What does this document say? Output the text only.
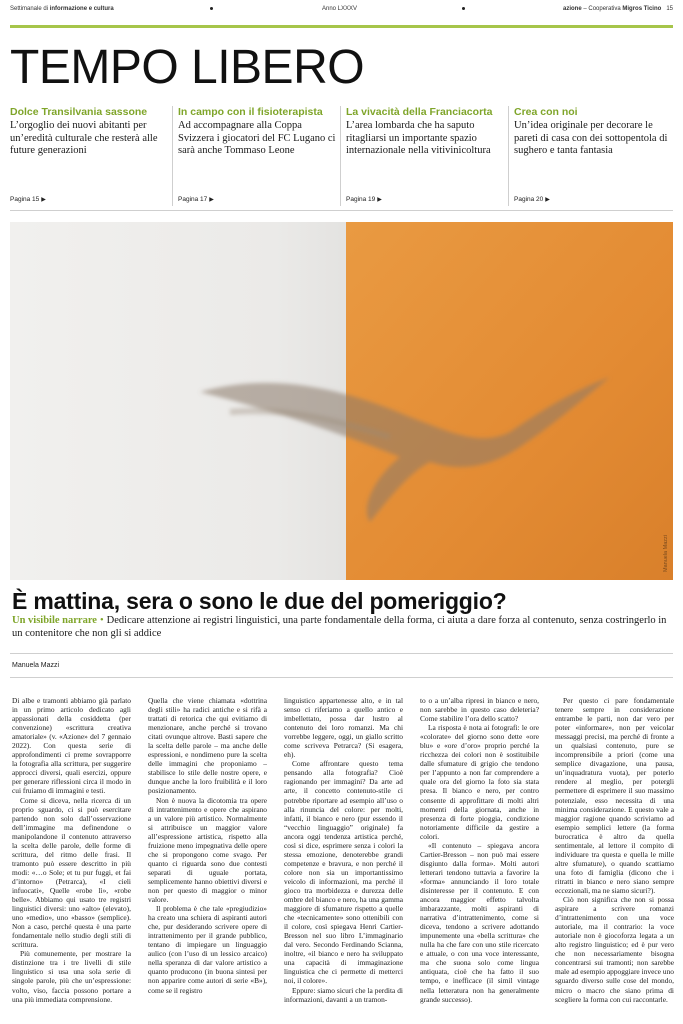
Settimanale di informazione e cultura	Anno LXXXV	azione – Cooperativa Migros Ticino 15
TEMPO LIBERO
Dolce Transilvania sassone
L’orgoglio dei nuovi abitanti per un’eredità culturale che resterà alle future generazioni
Pagina 15 ▶
In campo con il fisioterapista
Ad accompagnare alla Coppa Svizzera i giocatori del FC Lugano ci sarà anche Tommaso Leone
Pagina 17 ▶
La vivacità della Franciacorta
L’area lombarda che ha saputo ritagliarsi un importante spazio internazionale nella vitivinicoltura
Pagina 19 ▶
Crea con noi
Un’idea originale per decorare le pareti di casa con dei sottopentola di sughero e tanta fantasia
Pagina 20 ▶
Manuela Mazzi
È mattina, sera o sono le due del pomeriggio?
Un visibile narrare • Dedicare attenzione ai registri linguistici, una parte fondamentale della forma, ci aiuta a dare forza al contenuto, senza costringerlo in un contenitore che non gli si addice
Manuela Mazzi

Di albe e tramonti abbiamo già parlato in un primo articolo dedicato agli appassionati della cosiddetta (per convenzione) «scrittura creativa amatoriale» (v. «Azione» del 7 gennaio 2022). Con questa serie di approfondimenti ci preme sovrapporre la fotografia alla scrittura, per suggerire approcci diversi, quali esercizi, oppure per generare riflessioni circa il modo in cui fruiamo di immagini e testi.

Come si diceva, nella ricerca di un proprio sguardo, ci si può esercitare partendo non solo dall’osservazione dell’immagine ma definendone o manipolandone il contenuto attraverso la scelta delle parole, delle forme di scrittura, del ritmo delle frasi. Il tramonto può essere descritto in più modi: «…o Sole; et tu pur fuggi, et fai d’intorno» (Petrarca), «I cieli infuocati», Quelle «robe lì», «robe belle». Abbiamo qui usato tre registri linguistici diversi: uno «alto» (elevato), uno «medio», uno «basso» (semplice). Non a caso, perché questa è una parte fondamentale nello studio degli stili di scrittura.

Più comunemente, per mostrare la distinzione tra i tre livelli di stile linguistico si usa una sola serie di singole parole, più che un’espressione: volto, viso, faccia possono portare a una più immediata comprensione.

Quella che viene chiamata «dottrina degli stili» ha radici antiche e si rifà a trattati di retorica che qui evitiamo di menzionare, anche perché si trovano citati ovunque altrove. Basti sapere che la scelta delle parole – ma anche delle espressioni, e nondimeno pure la scelta delle immagini che proponiamo – stabilisce lo stile delle nostre opere, e dunque anche la loro fruibilità e il loro posizionamento.

Non è nuova la dicotomia tra opere di intrattenimento e opere che aspirano a un valore più artistico. Normalmente si attribuisce un maggior valore all’espressione artistica, rispetto alla fruizione meno impegnativa delle opere che si propongono come svago. Per quanto ci riguarda sono due contesti separati di uguale portata, semplicemente hanno obiettivi diversi e non per questo di maggior o minor valore.

Il problema è che tale «pregiudizio» ha creato una schiera di aspiranti autori che, pur desiderando scrivere opere di intrattenimento per il grande pubblico, tentano di impiegare un linguaggio aulico (con l’uso di un lessico arcaico) nella speranza di dar valore artistico a quanto producono (in buona sintesi per non apparire come autori di serie «B»), come se il registro

linguistico appartenesse alto, e in tal senso ci riferiamo a quello antico e imbellettato, possa dar lustro al contenuto dei loro romanzi. Ma chi vorrebbe leggere, oggi, un giallo scritto come scriveva Petrarca? (Si esagera, eh).

Come affrontare questo tema pensando alla fotografia? Cioè ragionando per immagini? Da arte ad arte, il concetto contenuto-stile ci potrebbe riportare ad esempio all’uso o alla rinuncia del colore: per molti, infatti, il bianco e nero (pur essendo il “vecchio linguaggio” originale) fa ancora oggi tendenza artistica perché, così si dice, esprimere senza i colori la stessa emozione, denoterebbe grandi competenze e bravura, e non perché il colore non sia un importantissimo veicolo di informazioni, ma perché il gioco tra morbidezza e durezza delle ombre del bianco e nero, ha una gamma maggiore di sfumature rispetto a quelle che «tecnicamente» sono ottenibili con il colore, così spiegava Henri Cartier-Bresson nel suo libro L’immaginario dal vero. Secondo Ferdinando Scianna, inoltre, «il bianco e nero ha sviluppato una capacità di immaginazione linguistica che ci permette di metterci noi, il colore».

Eppure: siamo sicuri che la perdita di informazioni, davanti a un tramon-

to o a un’alba ripresi in bianco e nero, non sarebbe in questo caso deleteria? Come stabilire l’ora dello scatto?

La risposta è nota ai fotografi: le ore «colorate» del giorno sono dette «ore blu» e «ore d’oro» proprio perché la ricchezza dei colori non è sostituibile dalle sfumature di grigio che tendono per l’appunto a non far comprendere a quale ora del giorno la foto sia stata presa. Il bianco e nero, per contro consente di approfittare di molti altri momenti della giornata, anche in presenza di forte pioggia, condizione notoriamente difficile da gestire a colori.

«Il contenuto – spiegava ancora Cartier-Bresson – non può mai essere disgiunto dalla forma». Molti autori letterari tendono tuttavia a favorire la «forma» annunciando il loro totale disinteresse per il contenuto. E con ancora maggior effetto talvolta imbarazzante, molti aspiranti di narrativa d’intrattenimento, come si diceva, tendono a scrivere adottando impunemente una «bella scrittura» che nulla ha che fare con uno stile ricercato e attuale, o con una voce interessante, ma che suona solo come lingua antiquata, cioè che ha fatto il suo tempo, e inefficace (il simil vintage nella letteratura non ha generalmente grande successo).

Per questo ci pare fondamentale tenere sempre in considerazione entrambe le parti, non dar vero per poter «informare», non per veicolar messaggi precisi, ma perché di fronte a un qualsiasi contenuto, pure se incomprensibile a priori (come una semplice divagazione, una pausa, un’inquadratura vuota), per poterlo rendere al meglio, per potergli permettere di esprimere il suo massimo potenziale, esso necessita di una minima considerazione. E questo vale a maggior ragione quando scriviamo ad esempio semplici lettere (la forma burocratica è altro da quella sentimentale, al lettore il compito di individuare tra questa e quella le mille altre sfumature), o quando scattiamo una foto di famiglia (dicono che i ritratti in bianco e nero siano sempre eccezionali, ma ne siamo sicuri?).

Ciò non significa che non si possa aspirare a scrivere romanzi d’intrattenimento con una voce autoriale, ma il contrario: la voce autoriale non è giocoforza legata a un alto registro linguistico; ed è pur vero che non necessariamente bisogna concentrarsi sui tramonti; non sarebbe male ad esempio appoggiare invece uno sguardo diverso sulle cose del mondo, micro o macro che siano prima di scegliere la forma con cui raccontarle.
